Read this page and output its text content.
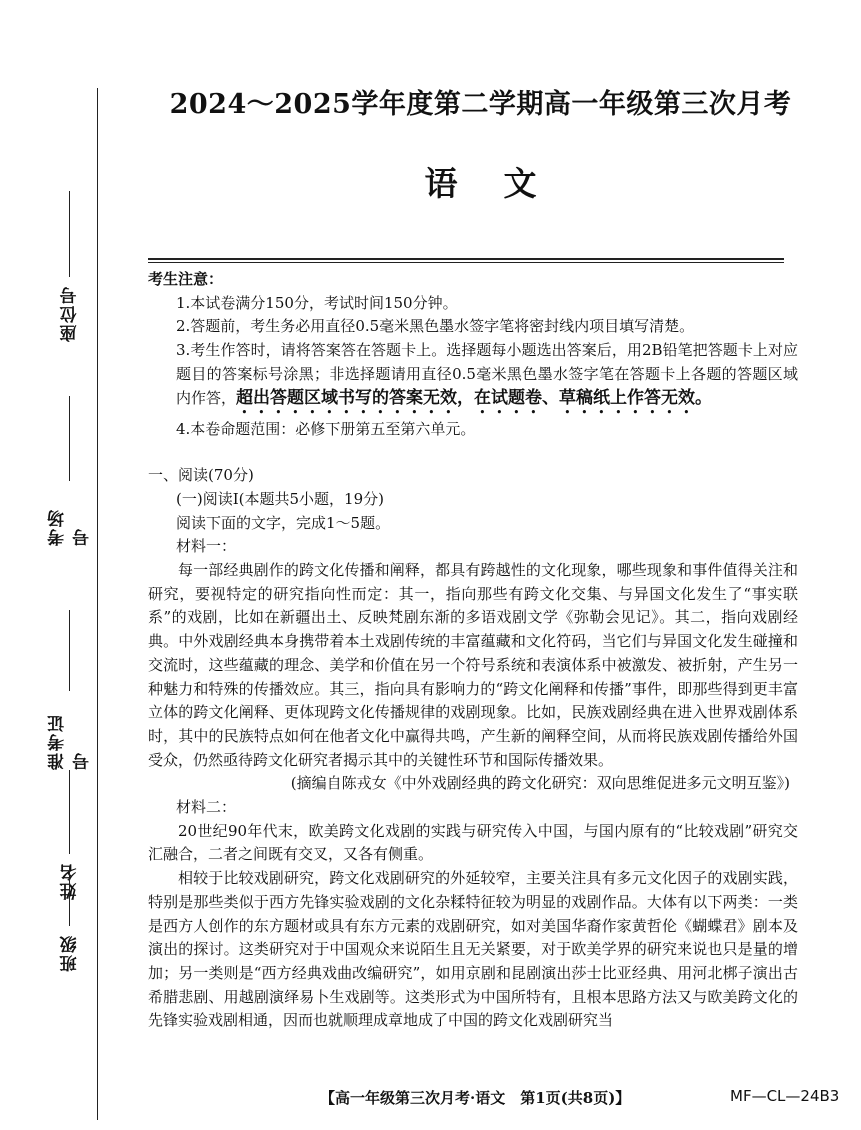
座位号
考场号
准考证号
姓名
班级
2024～2025学年度第二学期高一年级第三次月考
语文

考生注意：

1.本试卷满分150分，考试时间150分钟。

2.答题前，考生务必用直径0.5毫米黑色墨水签字笔将密封线内项目填写清楚。

3.考生作答时，请将答案答在答题卡上。选择题每小题选出答案后，用2B铅笔把答题卡上对应题目的答案标号涂黑；非选择题请用直径0.5毫米黑色墨水签字笔在答题卡上各题的答题区域内作答，超出答题区域书写的答案无效，在试题卷、草稿纸上作答无效。

4.本卷命题范围：必修下册第五至第六单元。

一、阅读(70分)

(一)阅读Ⅰ(本题共5小题，19分)

阅读下面的文字，完成1～5题。

材料一：

每一部经典剧作的跨文化传播和阐释，都具有跨越性的文化现象，哪些现象和事件值得关注和研究，要视特定的研究指向性而定：其一，指向那些有跨文化交集、与异国文化发生了“事实联系”的戏剧，比如在新疆出土、反映梵剧东渐的多语戏剧文学《弥勒会见记》。其二，指向戏剧经典。中外戏剧经典本身携带着本土戏剧传统的丰富蕴藏和文化符码，当它们与异国文化发生碰撞和交流时，这些蕴藏的理念、美学和价值在另一个符号系统和表演体系中被激发、被折射，产生另一种魅力和特殊的传播效应。其三，指向具有影响力的“跨文化阐释和传播”事件，即那些得到更丰富立体的跨文化阐释、更体现跨文化传播规律的戏剧现象。比如，民族戏剧经典在进入世界戏剧体系时，其中的民族特点如何在他者文化中赢得共鸣，产生新的阐释空间，从而将民族戏剧传播给外国受众，仍然亟待跨文化研究者揭示其中的关键性环节和国际传播效果。

(摘编自陈戎女《中外戏剧经典的跨文化研究：双向思维促进多元文明互鉴》)

材料二：

20世纪90年代末，欧美跨文化戏剧的实践与研究传入中国，与国内原有的“比较戏剧”研究交汇融合，二者之间既有交叉，又各有侧重。

相较于比较戏剧研究，跨文化戏剧研究的外延较窄，主要关注具有多元文化因子的戏剧实践，特别是那些类似于西方先锋实验戏剧的文化杂糅特征较为明显的戏剧作品。大体有以下两类：一类是西方人创作的东方题材或具有东方元素的戏剧研究，如对美国华裔作家黄哲伦《蝴蝶君》剧本及演出的探讨。这类研究对于中国观众来说陌生且无关紧要，对于欧美学界的研究来说也只是量的增加；另一类则是“西方经典戏曲改编研究”，如用京剧和昆剧演出莎士比亚经典、用河北梆子演出古希腊悲剧、用越剧演绎易卜生戏剧等。这类形式为中国所特有，且根本思路方法又与欧美跨文化的先锋实验戏剧相通，因而也就顺理成章地成了中国的跨文化戏剧研究当

【高一年级第三次月考·语文　第1页(共8页)】	MF—CL—24B3
